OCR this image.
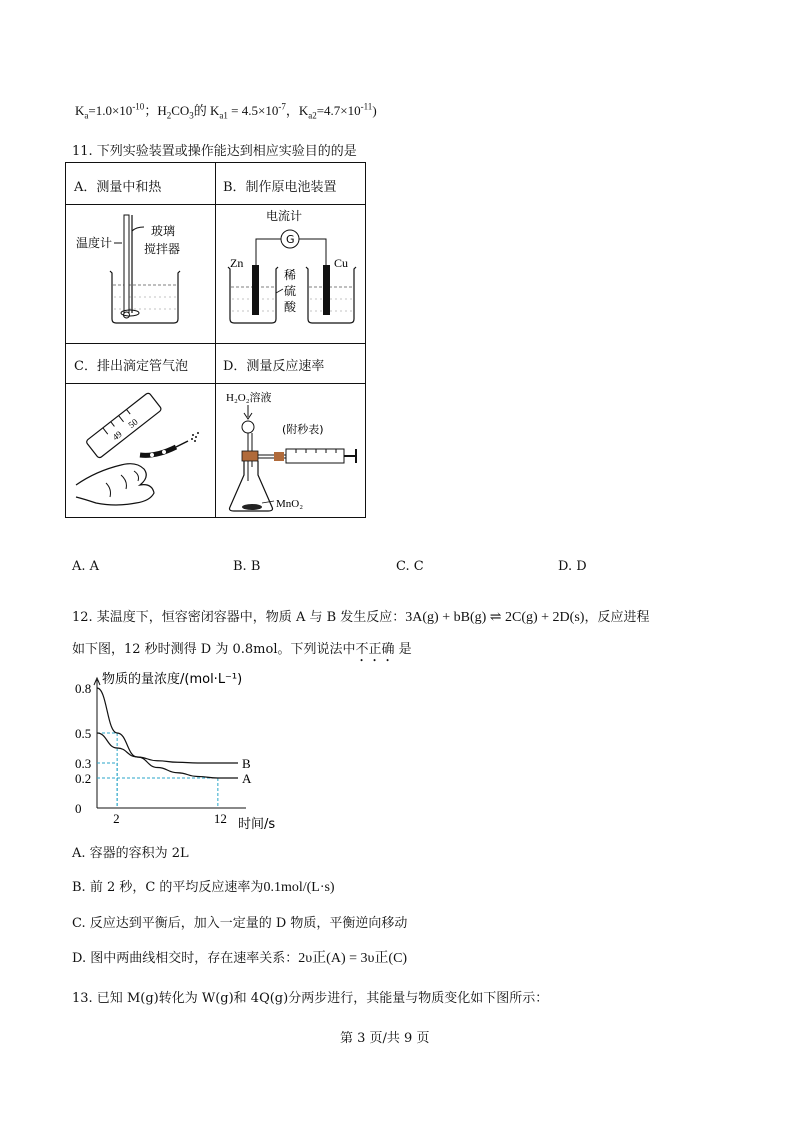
$K_a=1.0\times 10^{-10}$；$H_2CO_3$的 $K_{a1} = 4.5\times 10^{-7}$，$K_{a2}=4.7\times 10^{-11}$)
11. 下列实验装置或操作能达到相应实验目的的是
A．测量中和热	B．制作原电池装置
C．排出滴定管气泡	D．测量反应速率
温度计
玻璃
搅拌器
电流计
G
Zn	Cu
稀
硫
酸
49
50
H₂O₂溶液
(附秒表)
MnO₂
A. A	B. B	C. C	D. D
12. 某温度下，恒容密闭容器中，物质 A 与 B 发生反应：3A(g) + bB(g) ⇌ 2C(g) + 2D(s)，反应进程
如下图，12 秒时测得 D 为 0.8mol。下列说法中不正确 是
物质的量浓度/(mol·L⁻¹)
时间/s
0.8
0.5
0.3
0.2
0
2	12
A
B
A. 容器的容积为 2L
B. 前 2 秒，C 的平均反应速率为0.1mol/(L·s)
C. 反应达到平衡后，加入一定量的 D 物质，平衡逆向移动
D. 图中两曲线相交时，存在速率关系：2υ正(A) = 3υ正(C)
13. 已知 M(g)转化为 W(g)和 4Q(g)分两步进行，其能量与物质变化如下图所示：
第 3 页/共 9 页
